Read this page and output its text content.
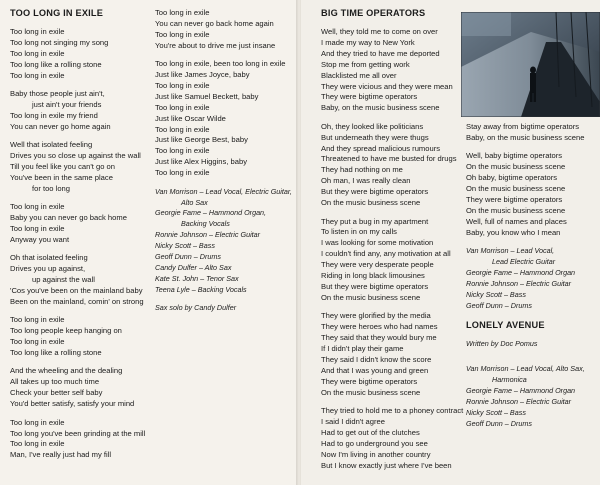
TOO LONG IN EXILE
Too long in exile
Too long not singing my song
Too long in exile
Too long like a rolling stone
Too long in exile
Baby those people just ain't,
just ain't your friends
Too long in exile my friend
You can never go home again
Well that isolated feeling
Drives you so close up against the wall
Till you feel like you can't go on
You've been in the same place
for too long
Too long in exile
Baby you can never go back home
Too long in exile
Anyway you want
Oh that isolated feeling
Drives you up against,
up against the wall
'Cos you've been on the mainland baby
Been on the mainland, comin' on strong
Too long in exile
Too long people keep hanging on
Too long in exile
Too long like a rolling stone
And the wheeling and the dealing
All takes up too much time
Check your better self baby
You'd better satisfy, satisfy your mind
Too long in exile
Too long you've been grinding at the mill
Too long in exile
Man, I've really just had my fill
Too long in exile
You can never go back home again
Too long in exile
You're about to drive me just insane
Too long in exile, been too long in exile
Just like James Joyce, baby
Too long in exile
Just like Samuel Beckett, baby
Too long in exile
Just like Oscar Wilde
Too long in exile
Just like George Best, baby
Too long in exile
Just like Alex Higgins, baby
Too long in exile
Van Morrison – Lead Vocal, Electric Guitar,
Alto Sax
Georgie Fame – Hammond Organ,
Backing Vocals
Ronnie Johnson – Electric Guitar
Nicky Scott – Bass
Geoff Dunn – Drums
Candy Dulfer – Alto Sax
Kate St. John – Tenor Sax
Teena Lyle – Backing Vocals
Sax solo by Candy Dulfer
BIG TIME OPERATORS
Well, they told me to come on over
I made my way to New York
And they tried to have me deported
Stop me from getting work
Blacklisted me all over
They were vicious and they were mean
They were bigtime operators
Baby, on the music business scene
Oh, they looked like politicians
But underneath they were thugs
And they spread malicious rumours
Threatened to have me busted for drugs
They had nothing on me
Oh man, I was really clean
But they were bigtime operators
On the music business scene
They put a bug in my apartment
To listen in on my calls
I was looking for some motivation
I couldn't find any, any motivation at all
They were very desperate people
Riding in long black limousines
But they were bigtime operators
On the music business scene
They were glorified by the media
They were heroes who had names
They said that they would bury me
If I didn't play their game
They said I didn't know the score
And that I was young and green
They were bigtime operators
On the music business scene
They tried to hold me to a phoney contract
I said I didn't agree
Had to get out of the clutches
Had to go underground you see
Now I'm living in another country
But I know exactly just where I've been
Stay away from bigtime operators
Baby, on the music business scene
Well, baby bigtime operators
On the music business scene
Oh baby, bigtime operators
On the music business scene
They were bigtime operators
On the music business scene
Well, full of names and places
Baby, you know who I mean
Van Morrison – Lead Vocal,
Lead Electric Guitar
Georgie Fame – Hammond Organ
Ronnie Johnson – Electric Guitar
Nicky Scott – Bass
Geoff Dunn – Drums
LONELY AVENUE
Written by Doc Pomus
Van Morrison – Lead Vocal, Alto Sax,
Harmonica
Georgie Fame – Hammond Organ
Ronnie Johnson – Electric Guitar
Nicky Scott – Bass
Geoff Dunn – Drums
